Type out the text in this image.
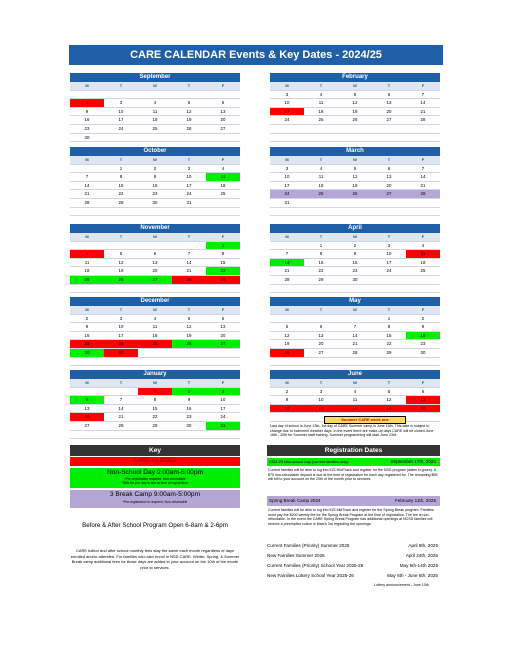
CARE CALENDAR Events & Key Dates - 2024/25
September
M	T	W	T	F

2	3	4	5	6
9	10	11	12	13
16	17	18	19	20
23	24	25	26	27
30				
February
M	T	W	T	F
3	4	5	6	7
10	11	12	13	14
17	18	19	20	21
24	25	26	27	28

October
M	T	W	T	F
	1	2	3	4
7	8	9	10	11
14	15	16	17	18
21	22	23	24	25
28	29	30	31	

March
M	T	W	T	F
3	4	5	6	7
10	11	12	13	14
17	18	19	20	21
24	25	26	27	28
31				

November
M	T	W	T	F
				1
4	5	6	7	8
11	12	13	14	15
18	19	20	21	22
25	26	27	28	29

April
M	T	W	T	F
	1	2	3	4
7	8	9	10	11
14	15	16	17	18
21	22	23	24	25
28	29	30		

December
M	T	W	T	F
2	3	4	5	6
9	10	11	12	13
16	17	18	19	20
23	24	25	26	27
30	31			

May
M	T	W	T	F
			1	2
5	6	7	8	9
12	13	14	15	16
19	20	21	22	23
26	27	28	29	30

January
M	T	W	T	F
		1	2	3
6	7	8	9	10
13	14	15	16	17
20	21	22	23	24
27	28	29	30	31

June
M	T	W	T	F
2	3	4	5	6
9	10	11	12	13
16	17	18	19	20

Summer CARE week one
Last day of school is June 13th. 1st day of CARE Summer camp is June 16th. This date is subject to change due to inclement weather days. In the event there are make-up days CARE will be closed June 16th - 20th for Summer staff training. Summer programming will start June 23rd.
Key
CARE CLOSED
Non-School Day 9:00am-5:00pm
*Pre-registration required; Non-refundable
*$45 fee per day is due at time of registration
3 Break Camp 9:00am-5:00pm
*Pre-registration is required; Non-refundable
Before & After School Program Open 6-8am & 2-6pm
CARE tuition and after school monthly fees stay the same each month regardless of days enrolled and/or attended. For families who also enroll in NSD CARE, Winter, Spring, & Summer Break camp additional fees for those days are added to your account on the 10th of the month prior to services.
Registration Dates
2024-25 Non-school Day (current families only)	September 17th, 2024
Current families will be able to log into EZCHildTrack and register for the NSD program (dates in green). A $75 non-refundable deposit is due at the time of registration for each day registered for. The remaining $55 will bill to your account on the 20th of the month prior to services.
Spring Break Camp 2024	February 11th, 2025
Current families will be able to log into EZChildTrack and register for the Spring Break program. Families must pay the $200 weekly fee for the Spring Break Program at the time of registration. The fee is non-refundable. In the event the CARE Spring Break Program has additional openings at NCSD families will receive a preemptive notice in March 3rd regarding the openings.
Current Families (Priority) Summer 2025	April 8th, 2025
New Families Summer 2025	April 24th, 2025
Current Families (Priority) School Year 2025-26	May 6th-14th 2025
New Families Lottery School Year 2025-26	May 6th - June 6th, 2025
Lottery announcement - June 10th
